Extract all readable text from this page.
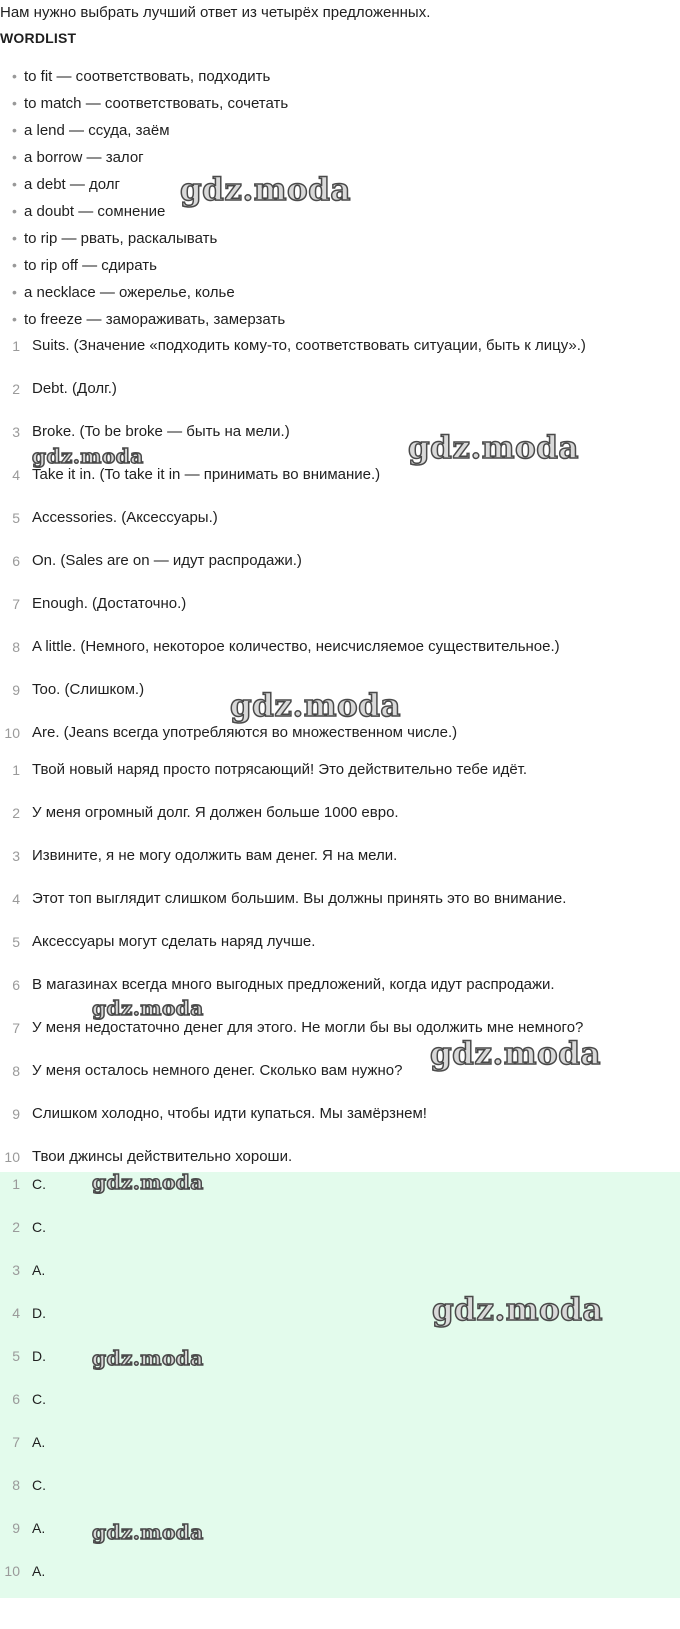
Нам нужно выбрать лучший ответ из четырёх предложенных.
WORDLIST
• to fit — соответствовать, подходить
• to match — соответствовать, сочетать
• a lend — ссуда, заём
• a borrow — залог
• a debt — долг
• a doubt — сомнение
• to rip — рвать, раскалывать
• to rip off — сдирать
• a necklace — ожерелье, колье
• to freeze — замораживать, замерзать
1 Suits. (Значение «подходить кому-то, соответствовать ситуации, быть к лицу».)
2 Debt. (Долг.)
3 Broke. (To be broke — быть на мели.)
4 Take it in. (To take it in — принимать во внимание.)
5 Accessories. (Аксессуары.)
6 On. (Sales are on — идут распродажи.)
7 Enough. (Достаточно.)
8 A little. (Немного, некоторое количество, неисчисляемое существительное.)
9 Too. (Слишком.)
10 Are. (Jeans всегда употребляются во множественном числе.)
1 Твой новый наряд просто потрясающий! Это действительно тебе идёт.
2 У меня огромный долг. Я должен больше 1000 евро.
3 Извините, я не могу одолжить вам денег. Я на мели.
4 Этот топ выглядит слишком большим. Вы должны принять это во внимание.
5 Аксессуары могут сделать наряд лучше.
6 В магазинах всегда много выгодных предложений, когда идут распродажи.
7 У меня недостаточно денег для этого. Не могли бы вы одолжить мне немного?
8 У меня осталось немного денег. Сколько вам нужно?
9 Слишком холодно, чтобы идти купаться. Мы замёрзнем!
10 Твои джинсы действительно хороши.
1 C.
2 C.
3 A.
4 D.
5 D.
6 C.
7 A.
8 C.
9 A.
10 A.
gdz.moda
gdz.moda	gdz.moda
gdz.moda
gdz.moda
gdz.moda
gdz.moda
gdz.moda
gdz.moda
gdz.moda
